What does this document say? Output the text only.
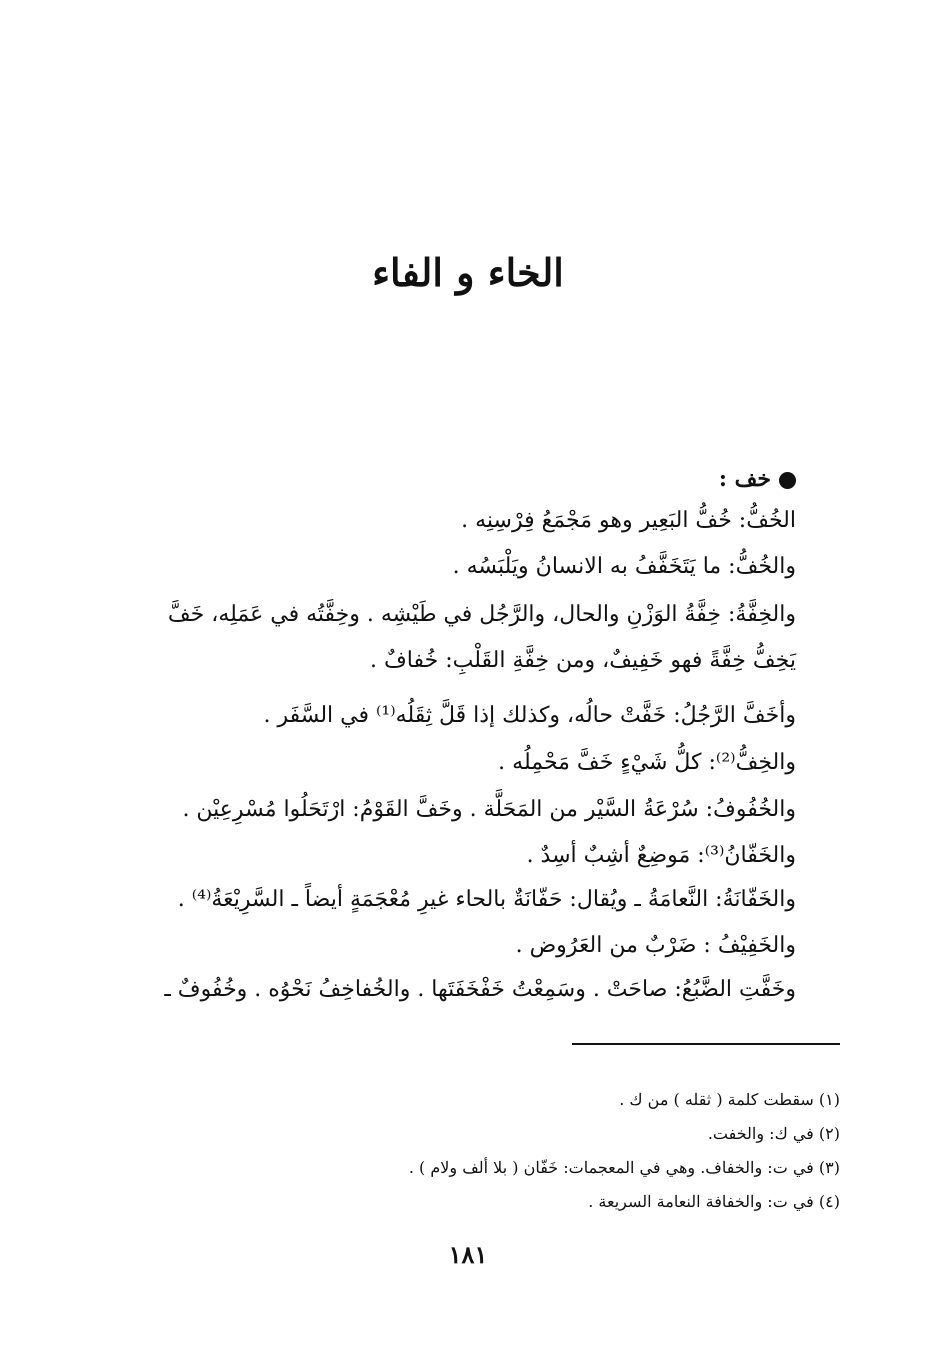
الخاء و الفاء
خف :
الخُفُّ: خُفُّ البَعِير وهو مَجْمَعُ فِرْسِنِه .
والخُفُّ: ما يَتَخَفَّفُ به الانسانُ ويَلْبَسُه .
والخِفَّةُ: خِفَّةُ الوَزْنِ والحال، والرَّجُل في طَيْشِه . وخِفَّتُه في عَمَلِه، خَفَّ
يَخِفُّ خِفَّةً فهو خَفِيفٌ، ومن خِفَّةِ القَلْبِ: خُفافٌ .
وأخَفَّ الرَّجُلُ: خَفَّتْ حالُه، وكذلك إذا قَلَّ ثِقَلُه⁽¹⁾ في السَّفَر .
والخِفُّ⁽²⁾: كلُّ شَيْءٍ خَفَّ مَحْمِلُه .
والخُفُوفُ: سُرْعَةُ السَّيْر من المَحَلَّة . وخَفَّ القَوْمُ: ارْتَحَلُوا مُسْرِعِيْن .
والخَفّانُ⁽³⁾: مَوضِعٌ أشِبٌ أسِدٌ .
والخَفّانَةُ: النَّعامَةُ ـ ويُقال: حَفّانَةٌ بالحاء غيرِ مُعْجَمَةٍ أيضاً ـ السَّرِيْعَةُ⁽⁴⁾ .
والخَفِيْفُ : ضَرْبٌ من العَرُوض .
وخَفَّتِ الضَّبُعُ: صاحَتْ . وسَمِعْتُ خَفْخَفَتَها . والخُفاخِفُ نَحْوُه . وخُفُوفٌ ـ
(١) سقطت كلمة ( ثقله ) من ك .
(٢) في ك: والخفت.
(٣) في ت: والخفاف. وهي في المعجمات: خَفّان ( بلا ألف ولام ) .
(٤) في ت: والخفافة النعامة السريعة .
١٨١
